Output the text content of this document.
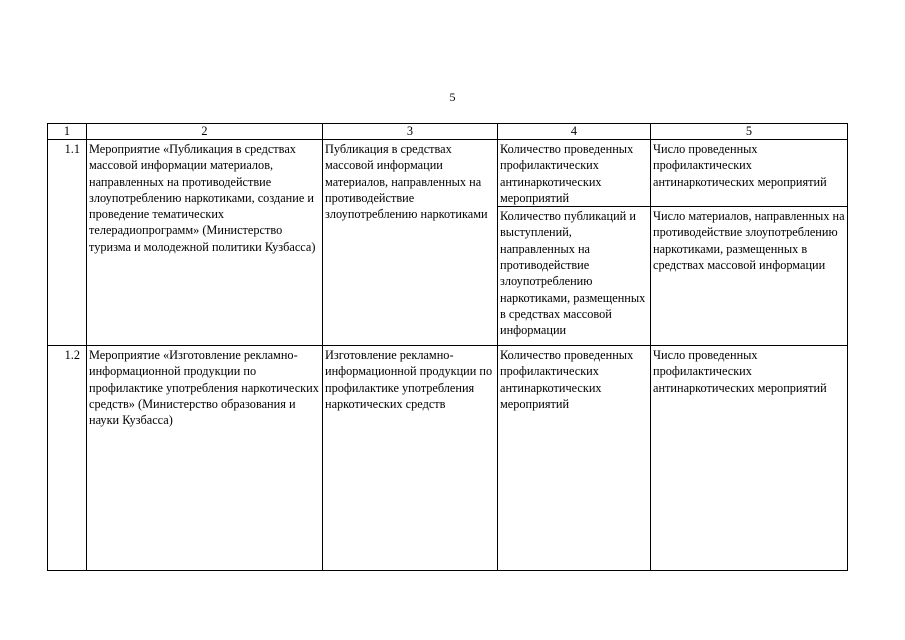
5
1	2	3	4	5
1.1	Мероприятие «Публикация в средствах массовой информации материалов, направленных на противодействие злоупотреблению наркотиками, создание и проведение тематических телерадиопрограмм» (Министерство туризма и молодежной политики Кузбасса)	Публикация в средствах массовой информации материалов, направленных на противодействие злоупотреблению наркотиками	Количество проведенных профилактических антинаркотических мероприятий	Число проведенных профилактических антинаркотических мероприятий
			Количество публикаций и выступлений, направленных на противодействие злоупотреблению наркотиками, размещенных в средствах массовой информации	Число материалов, направленных на противодействие злоупотреблению наркотиками, размещенных в средствах массовой информации
1.2	Мероприятие «Изготовление рекламно-информационной продукции по профилактике употребления наркотических средств» (Министерство образования и науки Кузбасса)	Изготовление рекламно-информационной продукции по профилактике употребления наркотических средств	Количество проведенных профилактических антинаркотических мероприятий	Число проведенных профилактических антинаркотических мероприятий
